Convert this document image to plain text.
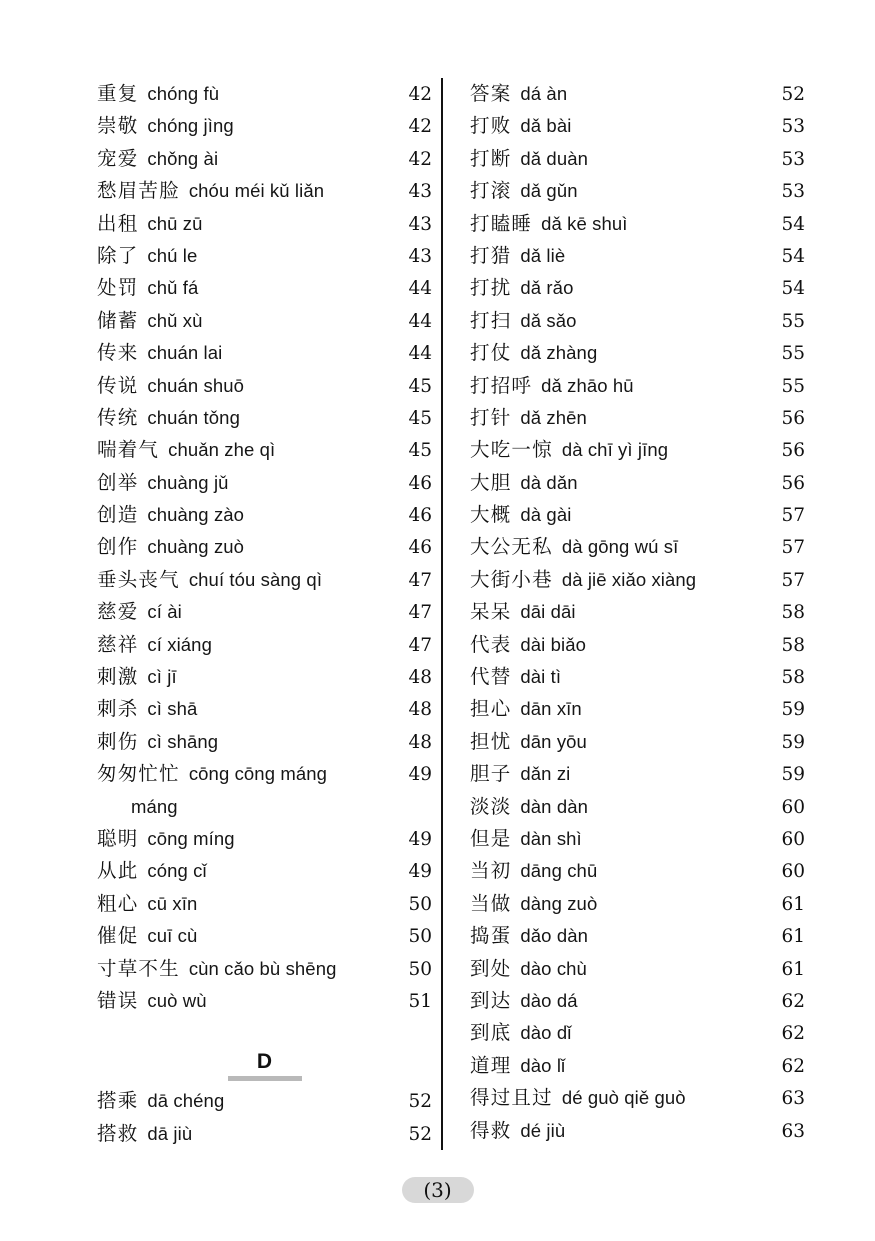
重复 chóng fù	42
崇敬 chóng jìng	42
宠爱 chǒng ài	42
愁眉苦脸 chóu méi kǔ liǎn	43
出租 chū zū	43
除了 chú le	43
处罚 chǔ fá	44
储蓄 chǔ xù	44
传来 chuán lai	44
传说 chuán shuō	45
传统 chuán tǒng	45
喘着气 chuǎn zhe qì	45
创举 chuàng jǔ	46
创造 chuàng zào	46
创作 chuàng zuò	46
垂头丧气 chuí tóu sàng qì	47
慈爱 cí ài	47
慈祥 cí xiáng	47
刺激 cì jī	48
刺杀 cì shā	48
刺伤 cì shāng	48
匆匆忙忙 cōng cōng máng	49
máng
聪明 cōng míng	49
从此 cóng cǐ	49
粗心 cū xīn	50
催促 cuī cù	50
寸草不生 cùn cǎo bù shēng	50
错误 cuò wù	51
D
搭乘 dā chéng	52
搭救 dā jiù	52
答案 dá àn	52
打败 dǎ bài	53
打断 dǎ duàn	53
打滚 dǎ gǔn	53
打瞌睡 dǎ kē shuì	54
打猎 dǎ liè	54
打扰 dǎ rǎo	54
打扫 dǎ sǎo	55
打仗 dǎ zhàng	55
打招呼 dǎ zhāo hū	55
打针 dǎ zhēn	56
大吃一惊 dà chī yì jīng	56
大胆 dà dǎn	56
大概 dà gài	57
大公无私 dà gōng wú sī	57
大街小巷 dà jiē xiǎo xiàng	57
呆呆 dāi dāi	58
代表 dài biǎo	58
代替 dài tì	58
担心 dān xīn	59
担忧 dān yōu	59
胆子 dǎn zi	59
淡淡 dàn dàn	60
但是 dàn shì	60
当初 dāng chū	60
当做 dàng zuò	61
捣蛋 dǎo dàn	61
到处 dào chù	61
到达 dào dá	62
到底 dào dǐ	62
道理 dào lǐ	62
得过且过 dé guò qiě guò	63
得救 dé jiù	63
(3)
